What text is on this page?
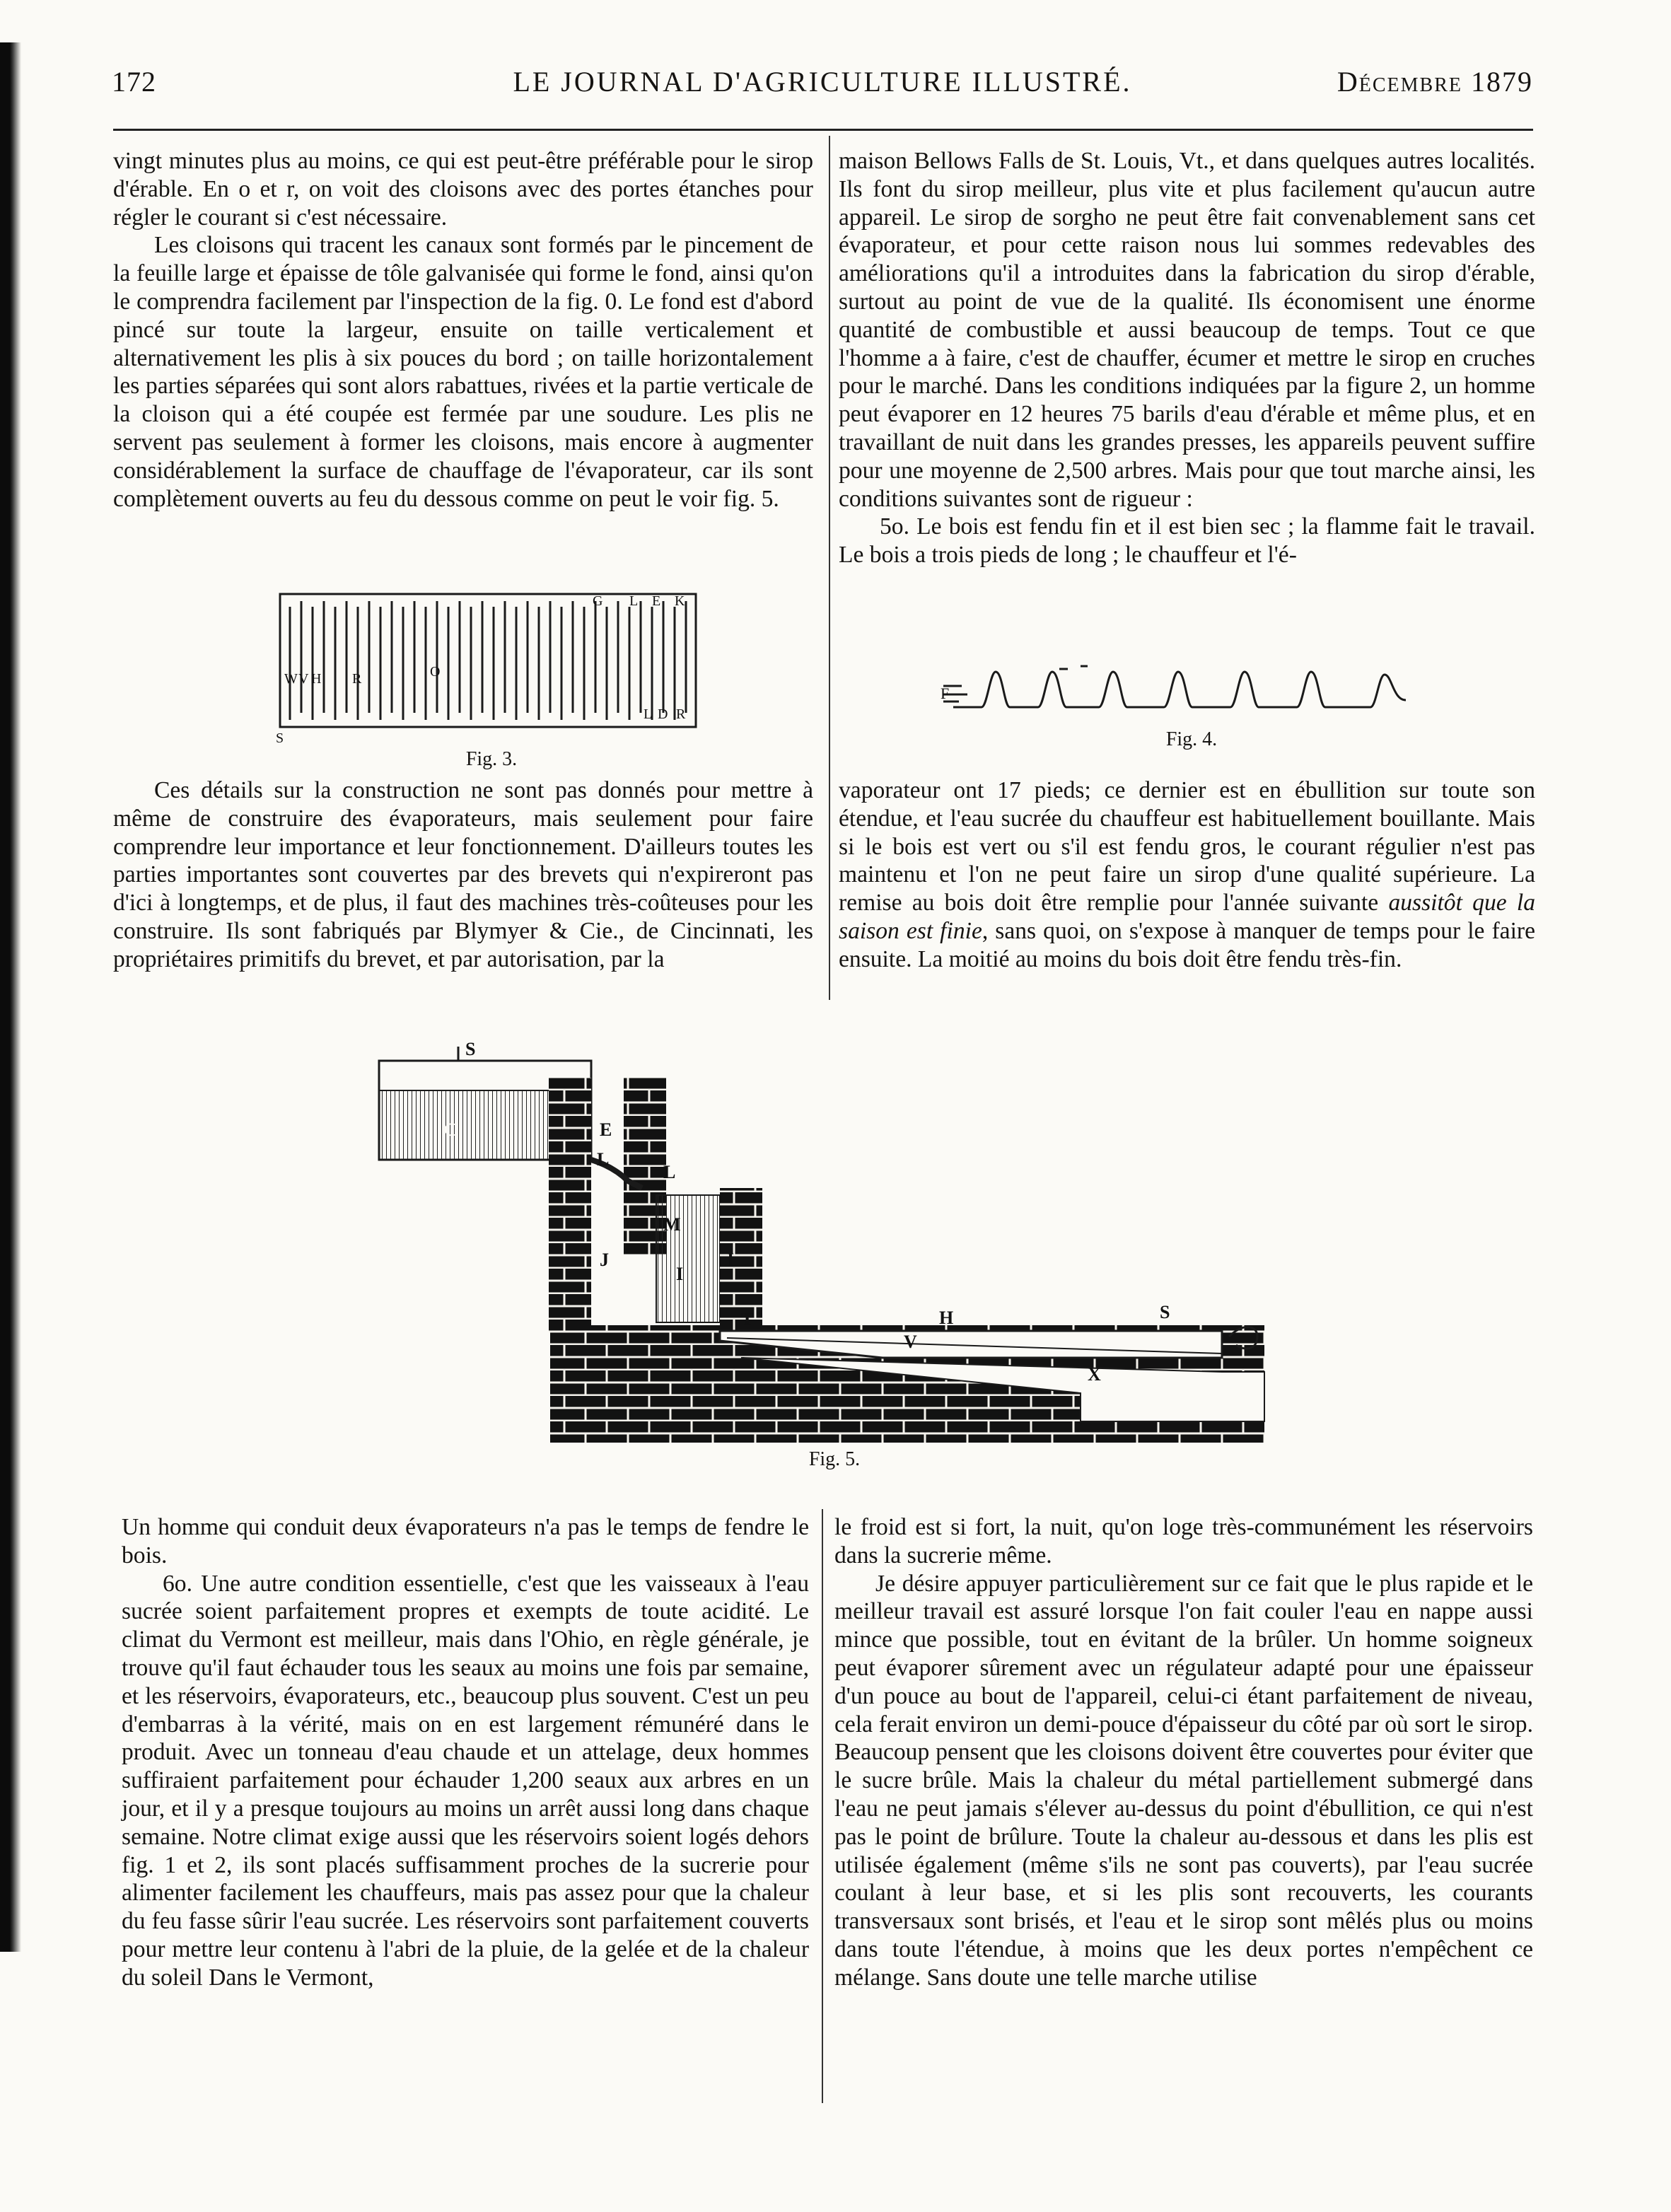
172	LE JOURNAL D'AGRICULTURE ILLUSTRÉ.	Décembre 1879

vingt minutes plus au moins, ce qui est peut-être préférable pour le sirop d'érable. En o et r, on voit des cloisons avec des portes étanches pour régler le courant si c'est nécessaire.

Les cloisons qui tracent les canaux sont formés par le pincement de la feuille large et épaisse de tôle galvanisée qui forme le fond, ainsi qu'on le comprendra facilement par l'inspection de la fig. 0. Le fond est d'abord pincé sur toute la largeur, ensuite on taille verticalement et alternativement les plis à six pouces du bord ; on taille horizontalement les parties séparées qui sont alors rabattues, rivées et la partie verticale de la cloison qui a été coupée est fermée par une soudure. Les plis ne servent pas seulement à former les cloisons, mais encore à augmenter considérablement la surface de chauffage de l'évaporateur, car ils sont complètement ouverts au feu du dessous comme on peut le voir fig. 5.

W V H R	O
G L E K
L D R
S
Fig. 3.

Ces détails sur la construction ne sont pas donnés pour mettre à même de construire des évaporateurs, mais seulement pour faire comprendre leur importance et leur fonctionnement. D'ailleurs toutes les parties importantes sont couvertes par des brevets qui n'expireront pas d'ici à longtemps, et de plus, il faut des machines très-coûteuses pour les construire. Ils sont fabriqués par Blymyer & Cie., de Cincinnati, les propriétaires primitifs du brevet, et par autorisation, par la

maison Bellows Falls de St. Louis, Vt., et dans quelques autres localités. Ils font du sirop meilleur, plus vite et plus facilement qu'aucun autre appareil. Le sirop de sorgho ne peut être fait convenablement sans cet évaporateur, et pour cette raison nous lui sommes redevables des améliorations qu'il a introduites dans la fabrication du sirop d'érable, surtout au point de vue de la qualité. Ils économisent une énorme quantité de combustible et aussi beaucoup de temps. Tout ce que l'homme a à faire, c'est de chauffer, écumer et mettre le sirop en cruches pour le marché. Dans les conditions indiquées par la figure 2, un homme peut évaporer en 12 heures 75 barils d'eau d'érable et même plus, et en travaillant de nuit dans les grandes presses, les appareils peuvent suffire pour une moyenne de 2,500 arbres. Mais pour que tout marche ainsi, les conditions suivantes sont de rigueur :

5o. Le bois est fendu fin et il est bien sec ; la flamme fait le travail. Le bois a trois pieds de long ; le chauffeur et l'é-

F
Fig. 4.

vaporateur ont 17 pieds; ce dernier est en ébullition sur toute son étendue, et l'eau sucrée du chauffeur est habituellement bouillante. Mais si le bois est vert ou s'il est fendu gros, le courant régulier n'est pas maintenu et l'on ne peut faire un sirop d'une qualité supérieure. La remise au bois doit être remplie pour l'année suivante aussitôt que la saison est finie, sans quoi, on s'expose à manquer de temps pour le faire ensuite. La moitié au moins du bois doit être fendu très-fin.

S
C	E
L
L
J
M
I
I
T	H	S
V
X
Fig. 5.

Un homme qui conduit deux évaporateurs n'a pas le temps de fendre le bois.

6o. Une autre condition essentielle, c'est que les vaisseaux à l'eau sucrée soient parfaitement propres et exempts de toute acidité. Le climat du Vermont est meilleur, mais dans l'Ohio, en règle générale, je trouve qu'il faut échauder tous les seaux au moins une fois par semaine, et les réservoirs, évaporateurs, etc., beaucoup plus souvent. C'est un peu d'embarras à la vérité, mais on en est largement rémunéré dans le produit. Avec un tonneau d'eau chaude et un attelage, deux hommes suffiraient parfaitement pour échauder 1,200 seaux aux arbres en un jour, et il y a presque toujours au moins un arrêt aussi long dans chaque semaine. Notre climat exige aussi que les réservoirs soient logés dehors fig. 1 et 2, ils sont placés suffisamment proches de la sucrerie pour alimenter facilement les chauffeurs, mais pas assez pour que la chaleur du feu fasse sûrir l'eau sucrée. Les réservoirs sont parfaitement couverts pour mettre leur contenu à l'abri de la pluie, de la gelée et de la chaleur du soleil Dans le Vermont,

le froid est si fort, la nuit, qu'on loge très-communément les réservoirs dans la sucrerie même.

Je désire appuyer particulièrement sur ce fait que le plus rapide et le meilleur travail est assuré lorsque l'on fait couler l'eau en nappe aussi mince que possible, tout en évitant de la brûler. Un homme soigneux peut évaporer sûrement avec un régulateur adapté pour une épaisseur d'un pouce au bout de l'appareil, celui-ci étant parfaitement de niveau, cela ferait environ un demi-pouce d'épaisseur du côté par où sort le sirop. Beaucoup pensent que les cloisons doivent être couvertes pour éviter que le sucre brûle. Mais la chaleur du métal partiellement submergé dans l'eau ne peut jamais s'élever au-dessus du point d'ébullition, ce qui n'est pas le point de brûlure. Toute la chaleur au-dessous et dans les plis est utilisée également (même s'ils ne sont pas couverts), par l'eau sucrée coulant à leur base, et si les plis sont recouverts, les courants transversaux sont brisés, et l'eau et le sirop sont mêlés plus ou moins dans toute l'étendue, à moins que les deux portes n'empêchent ce mélange. Sans doute une telle marche utilise
